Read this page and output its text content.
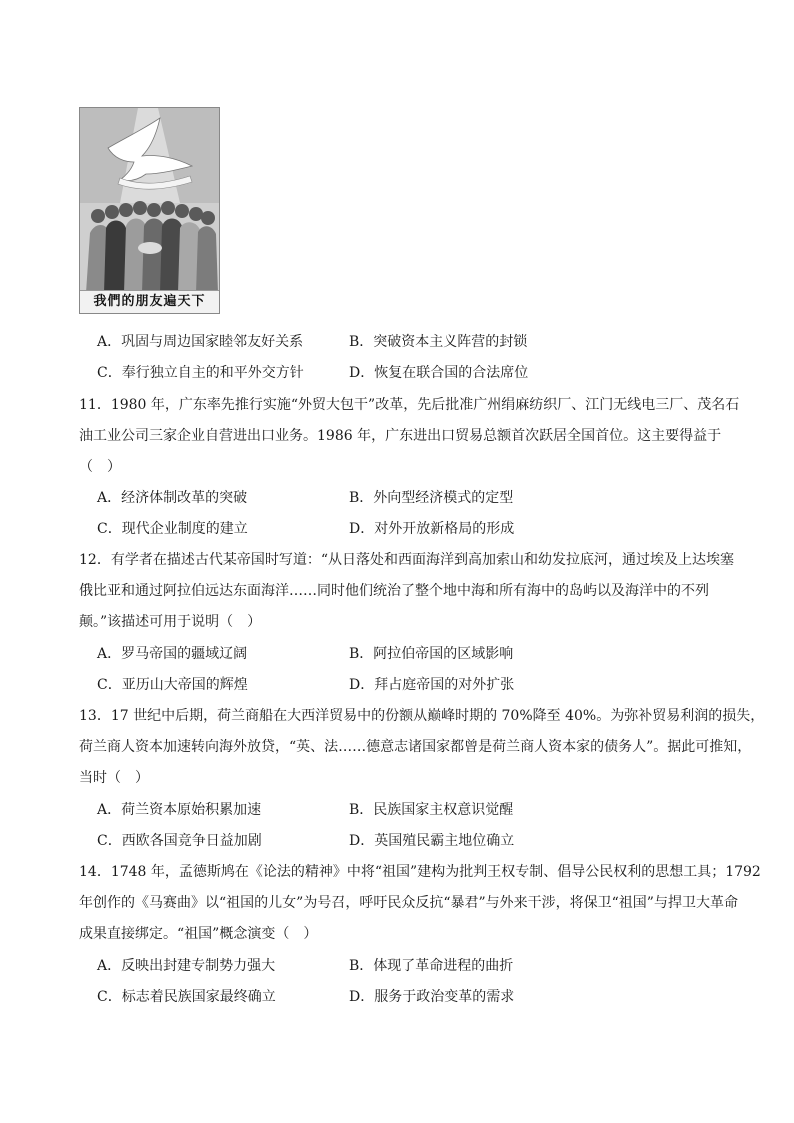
我們的朋友遍天下
A．巩固与周边国家睦邻友好关系	B．突破资本主义阵营的封锁
C．奉行独立自主的和平外交方针	D．恢复在联合国的合法席位
11．1980 年，广东率先推行实施“外贸大包干”改革，先后批准广州绢麻纺织厂、江门无线电三厂、茂名石
油工业公司三家企业自营进出口业务。1986 年，广东进出口贸易总额首次跃居全国首位。这主要得益于
（　）
A．经济体制改革的突破	B．外向型经济模式的定型
C．现代企业制度的建立	D．对外开放新格局的形成
12．有学者在描述古代某帝国时写道：“从日落处和西面海洋到高加索山和幼发拉底河，通过埃及上达埃塞
俄比亚和通过阿拉伯远达东面海洋……同时他们统治了整个地中海和所有海中的岛屿以及海洋中的不列
颠。”该描述可用于说明（　）
A．罗马帝国的疆域辽阔	B．阿拉伯帝国的区域影响
C．亚历山大帝国的辉煌	D．拜占庭帝国的对外扩张
13．17 世纪中后期，荷兰商船在大西洋贸易中的份额从巅峰时期的 70%降至 40%。为弥补贸易利润的损失，
荷兰商人资本加速转向海外放贷，“英、法……德意志诸国家都曾是荷兰商人资本家的债务人”。据此可推知，
当时（　）
A．荷兰资本原始积累加速	B．民族国家主权意识觉醒
C．西欧各国竞争日益加剧	D．英国殖民霸主地位确立
14．1748 年，孟德斯鸠在《论法的精神》中将“祖国”建构为批判王权专制、倡导公民权利的思想工具；1792
年创作的《马赛曲》以“祖国的儿女”为号召，呼吁民众反抗“暴君”与外来干涉，将保卫“祖国”与捍卫大革命
成果直接绑定。“祖国”概念演变（　）
A．反映出封建专制势力强大	B．体现了革命进程的曲折
C．标志着民族国家最终确立	D．服务于政治变革的需求
